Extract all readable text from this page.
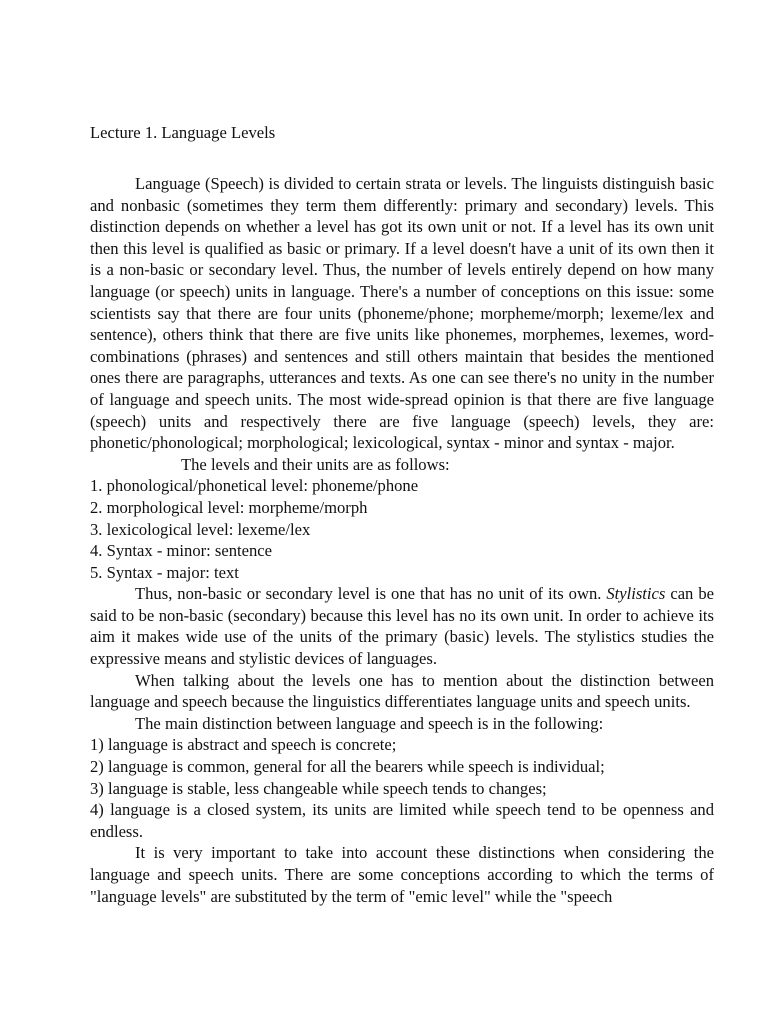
Lecture 1. Language Levels

Language (Speech) is divided to certain strata or levels. The linguists distinguish basic and nonbasic (sometimes they term them differently: primary and secondary) levels. This distinction depends on whether a level has got its own unit or not. If a level has its own unit then this level is qualified as basic or primary. If a level doesn't have a unit of its own then it is a non-basic or secondary level. Thus, the number of levels entirely depend on how many language (or speech) units in language. There's a number of conceptions on this issue: some scientists say that there are four units (phoneme/phone; morpheme/morph; lexeme/lex and sentence), others think that there are five units like phonemes, morphemes, lexemes, word-combinations (phrases) and sentences and still others maintain that besides the mentioned ones there are paragraphs, utterances and texts. As one can see there's no unity in the number of language and speech units. The most wide-spread opinion is that there are five language (speech) units and respectively there are five language (speech) levels, they are: phonetic/phonological; morphological; lexicological, syntax - minor and syntax - major.

The levels and their units are as follows:

1. phonological/phonetical level: phoneme/phone

2. morphological level: morpheme/morph

3. lexicological level: lexeme/lex

4. Syntax - minor: sentence

5. Syntax - major: text

Thus, non-basic or secondary level is one that has no unit of its own. Stylistics can be said to be non-basic (secondary) because this level has no its own unit. In order to achieve its aim it makes wide use of the units of the primary (basic) levels. The stylistics studies the expressive means and stylistic devices of languages.

When talking about the levels one has to mention about the distinction between language and speech because the linguistics differentiates language units and speech units.

The main distinction between language and speech is in the following:

1) language is abstract and speech is concrete;

2) language is common, general for all the bearers while speech is individual;

3) language is stable, less changeable while speech tends to changes;

4) language is a closed system, its units are limited while speech tend to be openness and endless.

It is very important to take into account these distinctions when considering the language and speech units. There are some conceptions according to which the terms of "language levels" are substituted by the term of "emic level" while the "speech
